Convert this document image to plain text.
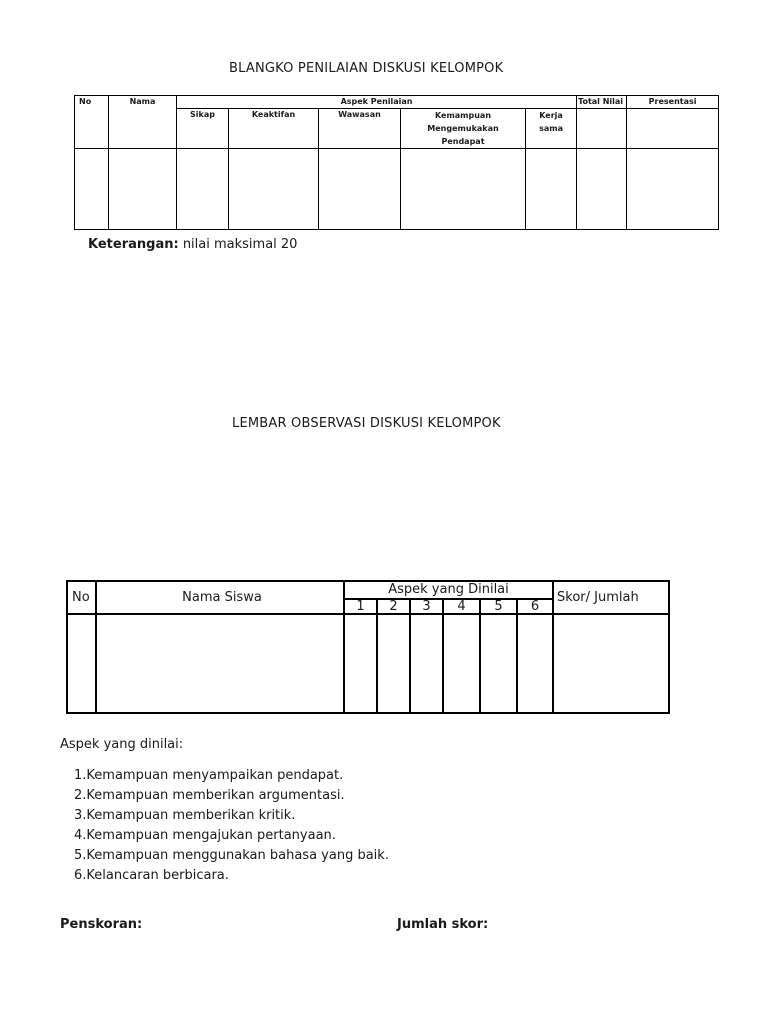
BLANGKO PENILAIAN DISKUSI KELOMPOK
No	Nama	Aspek Penilaian					Total Nilai	Presentasi
		Sikap	Keaktifan	Wawasan	Kemampuan Mengemukakan Pendapat	Kerja sama		

Keterangan: nilai maksimal 20
LEMBAR OBSERVASI DISKUSI KELOMPOK
No	Nama Siswa	Aspek yang Dinilai						Skor/ Jumlah
		1	2	3	4	5	6	

Aspek yang dinilai:
1.Kemampuan menyampaikan pendapat.
2.Kemampuan memberikan argumentasi.
3.Kemampuan memberikan kritik.
4.Kemampuan mengajukan pertanyaan.
5.Kemampuan menggunakan bahasa yang baik.
6.Kelancaran berbicara.
Penskoran:	Jumlah skor:
